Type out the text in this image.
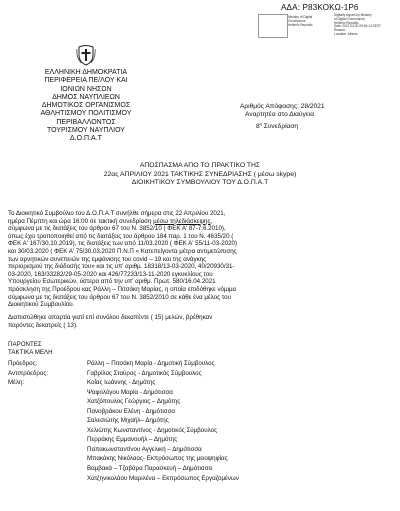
ΑΔΑ: Ρ83ΚΟΚΩ-1Ρ6
Ministry of Digital
Governance,
Hellenic Republic
Digitally signed by Ministry
of Digital Governance,
Hellenic Republic
Date: 2021.04.30 09:45:14 EEST
Reason:
Location: Athens
ΕΛΛΗΝΙΚΗ ΔΗΜΟΚΡΑΤΙΑ
ΠΕΡΙΦΕΡΕΙΑ ΠΕ/ΛΟΥ ΚΑΙ
ΙΟΝΙΩΝ ΝΗΣΩΝ
ΔΗΜΟΣ ΝΑΥΠΛΙΕΩΝ
ΔΗΜΟΤΙΚΟΣ ΟΡΓΑΝΙΣΜΟΣ
ΑΘΛΗΤΙΣΜΟΥ ΠΟΛΙΤΙΣΜΟΥ
ΠΕΡΙΒΑΛΛΟΝΤΟΣ
ΤΟΥΡΙΣΜΟΥ ΝΑΥΠΛΙΟΥ
Δ.Ο.Π.Α.Τ
Αριθμός Απόφασης: 28/2021
Αναρτητέα στο Διαύγεια
$8^\eta$ Συνεδρίαση
ΑΠΟΣΠΑΣΜΑ ΑΠΟ ΤΟ ΠΡΑΚΤΙΚΟ ΤΗΣ
22ας ΑΠΡΙΛΙΟΥ 2021 ΤΑΚΤΙΚΗΣ ΣΥΝΕΔΡΙΑΣΗΣ ( μέσω skype)
ΔΙΟΙΚΗΤΙΚΟΥ ΣΥΜΒΟΥΛΙΟΥ ΤΟΥ Δ.Ο.Π.Α.Τ
Το Διοικητικό Συμβούλιο του Δ.Ο.Π.Α.Τ συνήλθε σήμερα στις 22 Απριλίου 2021,
ημέρα Πέμπτη και ώρα 16:00 σε τακτική συνεδρίαση μέσω τηλεδιάσκεψης,
σύμφωνα με τις διατάξεις του άρθρου 67 του Ν. 3852/10 ( ΦΕΚ Α' 87-7.6.2010),
όπως έχει τροποποιηθεί από τις διατάξεις του άρθρου 184 παρ. 1 του Ν. 4635/20 (
ΦΕΚ Α' 167/30.10.2019), τις διατάξεις των από 11/03.2020 ( ΦΕΚ Α' 55/11-03-2020)
και 30/03.2020 ( ΦΕΚ Α' 75/30.03.2020 Π.Ν.Π « Κατεπείγοντα μέτρα αντιμετώπισης
των αρνητικών συνεπειών της εμφάνισης του covid – 19 και της ανάγκης
περιορισμού της διάδοσής του» και τις υπ' αριθμ. 18318/13-03-2020, 40/20930/31-
03-2020, 163/33282/29-05-2020 και 426/77233/13-11-2020 εγκυκλίους του
Υπουργείου Εσωτερικών, ύστερα από την υπ' αριθμ. Πρωτ. 580/16.04.2021
πρόσκληση της Προέδρου κας Ράλλη – Πιτσάκη Μαρίας, η οποία επιδόθηκε νόμιμα
σύμφωνα με τις διατάξεις του άρθρου 67 του Ν. 3852/2010 σε κάθε ένα μέλος του
Διοικητικού Συμβουλίου.
Διαπιστώθηκε απαρτία γιατί επί συνόλου δεκαπέντε ( 15) μελών, βρέθηκαν
παρόντες δεκατρείς ( 13).
ΠΑΡΟΝΤΕΣ
ΤΑΚΤΙΚΑ ΜΕΛΗ
Πρόεδρος:
Αντιπρόεδρος:
Μέλη:
Ράλλη – Πιτσάκη Μαρία - Δημοτική Σύμβουλος
Γαβρίλος Σταύρος - Δημοτικός Σύμβουλος
Κοΐας Ιωάννης - Δημότης
Ψαφολόγου Μαρία - Δημότισσα
Χατζόπουλος Γεώργιος – Δημότης
Πανοβράκου Ελένη - Δημότισσα
Σαλεσιώτης Μιχαήλ– Δημότης
Χελιώτης Κωνσταντίνος - Δημοτικός Σύμβουλος
Περράκης Εμμανουήλ – Δημότης
Παπακωνσταντίνου Αγγελική – Δημότισσα
Μπακάκης Νικόλαος- Εκπρόσωπος της μειοψηφίας
Βαμβακά – Τζαβάρα Παρασκευή – Δημότισσα
Χατζηνικολάου Μαριλένα – Εκπρόσωπος Εργαζομένων
